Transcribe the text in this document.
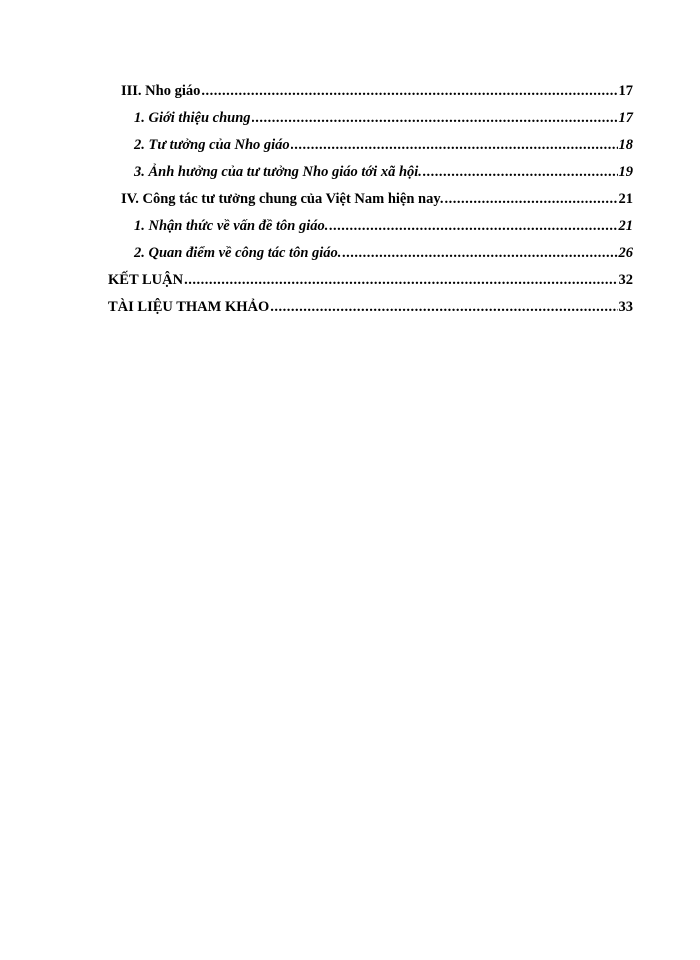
III. Nho giáo .....	17
1. Giới thiệu chung .....	17
2. Tư tưởng của Nho giáo .....	18
3. Ảnh hưởng của tư tưởng Nho giáo tới xã hội. .....	19
IV. Công tác tư tưởng chung của Việt Nam hiện nay. .....	21
1. Nhận thức về vấn đề tôn giáo. .....	21
2. Quan điểm về công tác tôn giáo. .....	26
KẾT LUẬN .....	32
TÀI LIỆU THAM KHẢO .....	33
